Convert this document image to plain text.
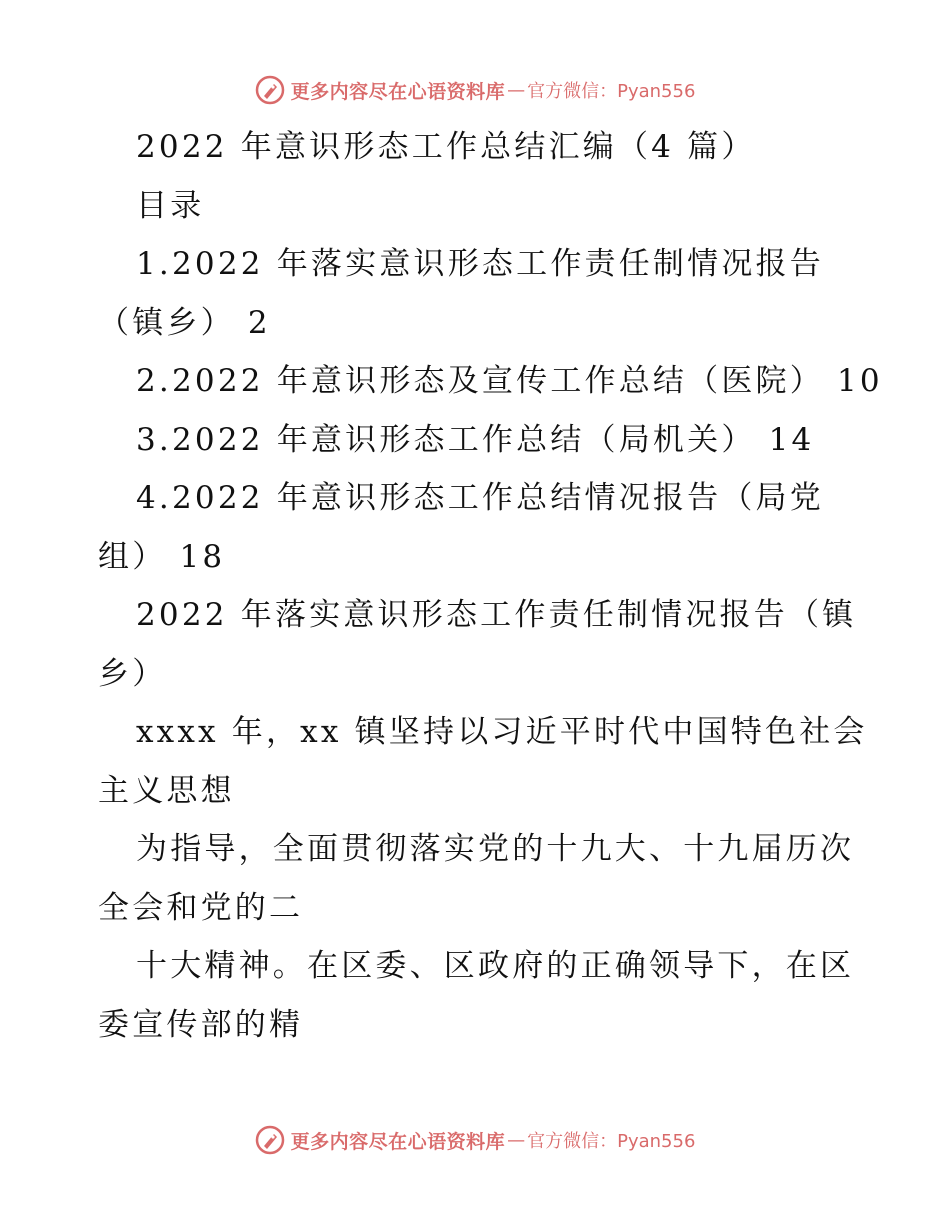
更多内容尽在心语资料库 — 官方微信：Pyan556
2022 年意识形态工作总结汇编（4 篇）
目录
1.2022 年落实意识形态工作责任制情况报告
（镇乡） 2
2.2022 年意识形态及宣传工作总结（医院） 10
3.2022 年意识形态工作总结（局机关） 14
4.2022 年意识形态工作总结情况报告（局党
组） 18
2022 年落实意识形态工作责任制情况报告（镇
乡）
xxxx 年，xx 镇坚持以习近平时代中国特色社会
主义思想
为指导，全面贯彻落实党的十九大、十九届历次
全会和党的二
十大精神。在区委、区政府的正确领导下，在区
委宣传部的精
更多内容尽在心语资料库 — 官方微信：Pyan556
